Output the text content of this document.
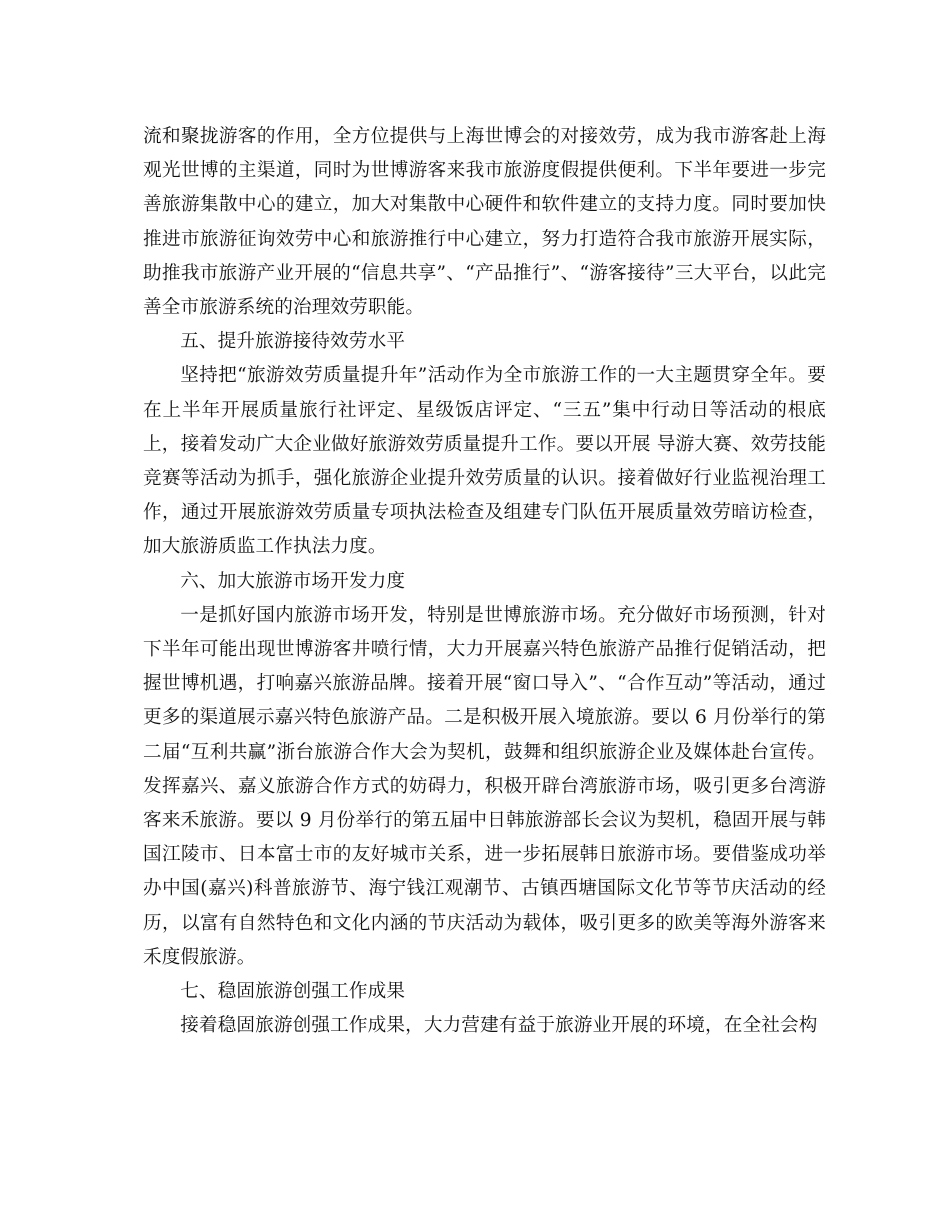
流和聚拢游客的作用，全方位提供与上海世博会的对接效劳，成为我市游客赴上海观光世博的主渠道，同时为世博游客来我市旅游度假提供便利。下半年要进一步完善旅游集散中心的建立，加大对集散中心硬件和软件建立的支持力度。同时要加快推进市旅游征询效劳中心和旅游推行中心建立，努力打造符合我市旅游开展实际，助推我市旅游产业开展的“信息共享”、“产品推行”、“游客接待”三大平台，以此完善全市旅游系统的治理效劳职能。

五、提升旅游接待效劳水平

坚持把“旅游效劳质量提升年”活动作为全市旅游工作的一大主题贯穿全年。要在上半年开展质量旅行社评定、星级饭店评定、“三五”集中行动日等活动的根底上，接着发动广大企业做好旅游效劳质量提升工作。要以开展 导游大赛、效劳技能竞赛等活动为抓手，强化旅游企业提升效劳质量的认识。接着做好行业监视治理工作，通过开展旅游效劳质量专项执法检查及组建专门队伍开展质量效劳暗访检查，加大旅游质监工作执法力度。

六、加大旅游市场开发力度

一是抓好国内旅游市场开发，特别是世博旅游市场。充分做好市场预测，针对下半年可能出现世博游客井喷行情，大力开展嘉兴特色旅游产品推行促销活动，把握世博机遇，打响嘉兴旅游品牌。接着开展“窗口导入”、“合作互动”等活动，通过更多的渠道展示嘉兴特色旅游产品。二是积极开展入境旅游。要以 6 月份举行的第二届“互利共赢”浙台旅游合作大会为契机，鼓舞和组织旅游企业及媒体赴台宣传。发挥嘉兴、嘉义旅游合作方式的妨碍力，积极开辟台湾旅游市场，吸引更多台湾游客来禾旅游。要以 9 月份举行的第五届中日韩旅游部长会议为契机，稳固开展与韩国江陵市、日本富士市的友好城市关系，进一步拓展韩日旅游市场。要借鉴成功举办中国(嘉兴)科普旅游节、海宁钱江观潮节、古镇西塘国际文化节等节庆活动的经历，以富有自然特色和文化内涵的节庆活动为载体，吸引更多的欧美等海外游客来禾度假旅游。

七、稳固旅游创强工作成果

接着稳固旅游创强工作成果，大力营建有益于旅游业开展的环境，在全社会构
